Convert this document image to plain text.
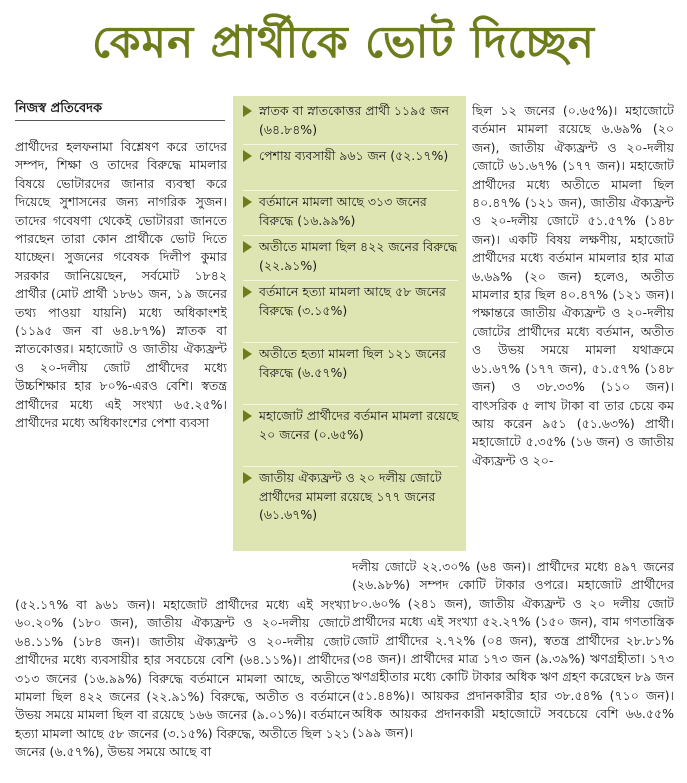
কেমন প্রার্থীকে ভোট দিচ্ছেন
নিজস্ব প্রতিবেদক
প্রার্থীদের হলফনামা বিশ্লেষণ করে তাদের সম্পদ, শিক্ষা ও তাদের বিরুদ্ধে মামলার বিষয়ে ভোটারদের জানার ব্যবস্থা করে দিয়েছে সুশাসনের জন্য নাগরিক সুজন। তাদের গবেষণা থেকেই ভোটাররা জানতে পারছেন তারা কোন প্রার্থীকে ভোট দিতে যাচ্ছেন। সুজনের গবেষক দিলীপ কুমার সরকার জানিয়েছেন, সর্বমোট ১৮৪২ প্রার্থীর (মোট প্রার্থী ১৮৬১ জন, ১৯ জনের তথ্য পাওয়া যায়নি) মধ্যে অধিকাংশই (১১৯৫ জন বা ৬৪.৮৭%) স্নাতক বা স্নাতকোত্তর। মহাজোট ও জাতীয় ঐক্যফ্রন্ট ও ২০-দলীয় জোট প্রার্থীদের মধ্যে উচ্চশিক্ষার হার ৮০%-এরও বেশি। স্বতন্ত্র প্রার্থীদের মধ্যে এই সংখ্যা ৬৫.২৫%। প্রার্থীদের মধ্যে অধিকাংশের পেশা ব্যবসা
স্নাতক বা স্নাতকোত্তর প্রার্থী ১১৯৫ জন (৬৪.৮৪%)
পেশায় ব্যবসায়ী ৯৬১ জন (৫২.১৭%)
বর্তমানে মামলা আছে ৩১৩ জনের বিরুদ্ধে (১৬.৯৯%)
অতীতে মামলা ছিল ৪২২ জনের বিরুদ্ধে (২২.৯১%)
বর্তমানে হত্যা মামলা আছে ৫৮ জনের বিরুদ্ধে (৩.১৫%)
অতীতে হত্যা মামলা ছিল ১২১ জনের বিরুদ্ধে (৬.৫৭%)
মহাজোট প্রার্থীদের বর্তমান মামলা রয়েছে ২০ জনের (০.৬৫%)
জাতীয় ঐক্যফ্রন্ট ও ২০ দলীয় জোটে প্রার্থীদের মামলা রয়েছে ১৭৭ জনের (৬১.৬৭%)
ছিল ১২ জনের (০.৬৫%)। মহাজোটে বর্তমান মামলা রয়েছে ৬.৬৯% (২০ জন), জাতীয় ঐক্যফ্রন্ট ও ২০-দলীয় জোটে ৬১.৬৭% (১৭৭ জন)। মহাজোট প্রার্থীদের মধ্যে অতীতে মামলা ছিল ৪০.৪৭% (১২১ জন), জাতীয় ঐক্যফ্রন্ট ও ২০-দলীয় জোটে ৫১.৫৭% (১৪৮ জন)। একটি বিষয় লক্ষণীয়, মহাজোট প্রার্থীদের মধ্যে বর্তমান মামলার হার মাত্র ৬.৬৯% (২০ জন) হলেও, অতীত মামলার হার ছিল ৪০.৪৭% (১২১ জন)। পক্ষান্তরে জাতীয় ঐক্যফ্রন্ট ও ২০-দলীয় জোটের প্রার্থীদের মধ্যে বর্তমান, অতীত ও উভয় সময়ে মামলা যথাক্রমে ৬১.৬৭% (১৭৭ জন), ৫১.৫৭% (১৪৮ জন) ও ৩৮.৩৩% (১১০ জন)। বাৎসরিক ৫ লাখ টাকা বা তার চেয়ে কম আয় করেন ৯৫১ (৫১.৬৩%) প্রার্থী। মহাজোটে ৫.৩৫% (১৬ জন) ও জাতীয় ঐক্যফ্রন্ট ও ২০-
(৫২.১৭% বা ৯৬১ জন)। মহাজোট প্রার্থীদের মধ্যে এই সংখ্যা ৬০.২০% (১৮০ জন), জাতীয় ঐক্যফ্রন্ট ও ২০-দলীয় জোটে ৬৪.১১% (১৮৪ জন)। জাতীয় ঐক্যফ্রন্ট ও ২০-দলীয় জোট প্রার্থীদের মধ্যে ব্যবসায়ীর হার সবচেয়ে বেশি (৬৪.১১%)। প্রার্থীদের ৩১৩ জনের (১৬.৯৯%) বিরুদ্ধে বর্তমানে মামলা আছে, অতীতে মামলা ছিল ৪২২ জনের (২২.৯১%) বিরুদ্ধে, অতীত ও বর্তমানে উভয় সময়ে মামলা ছিল বা রয়েছে ১৬৬ জনের (৯.০১%)। বর্তমানে হত্যা মামলা আছে ৫৮ জনের (৩.১৫%) বিরুদ্ধে, অতীতে ছিল ১২১ জনের (৬.৫৭%), উভয় সময়ে আছে বা
দলীয় জোটে ২২.৩০% (৬৪ জন)। প্রার্থীদের মধ্যে ৪৯৭ জনের (২৬.৯৮%) সম্পদ কোটি টাকার ওপরে। মহাজোট প্রার্থীদের ৮০.৬০% (২৪১ জন), জাতীয় ঐক্যফ্রন্ট ও ২০ দলীয় জোট প্রার্থীদের মধ্যে এই সংখ্যা ৫২.২৭% (১৫০ জন), বাম গণতান্ত্রিক জোট প্রার্থীদের ২.৭২% (০৪ জন), স্বতন্ত্র প্রার্থীদের ২৮.৮১% (৩৪ জন)। প্রার্থীদের মাত্র ১৭৩ জন (৯.৩৯%) ঋণগ্রহীতা। ১৭৩ ঋণগ্রহীতার মধ্যে কোটি টাকার অধিক ঋণ গ্রহণ করেছেন ৮৯ জন (৫১.৪৪%)। আয়কর প্রদানকারীর হার ৩৮.৫৪% (৭১০ জন)। অধিক আয়কর প্রদানকারী মহাজোটে সবচেয়ে বেশি ৬৬.৫৫% (১৯৯ জন)।
